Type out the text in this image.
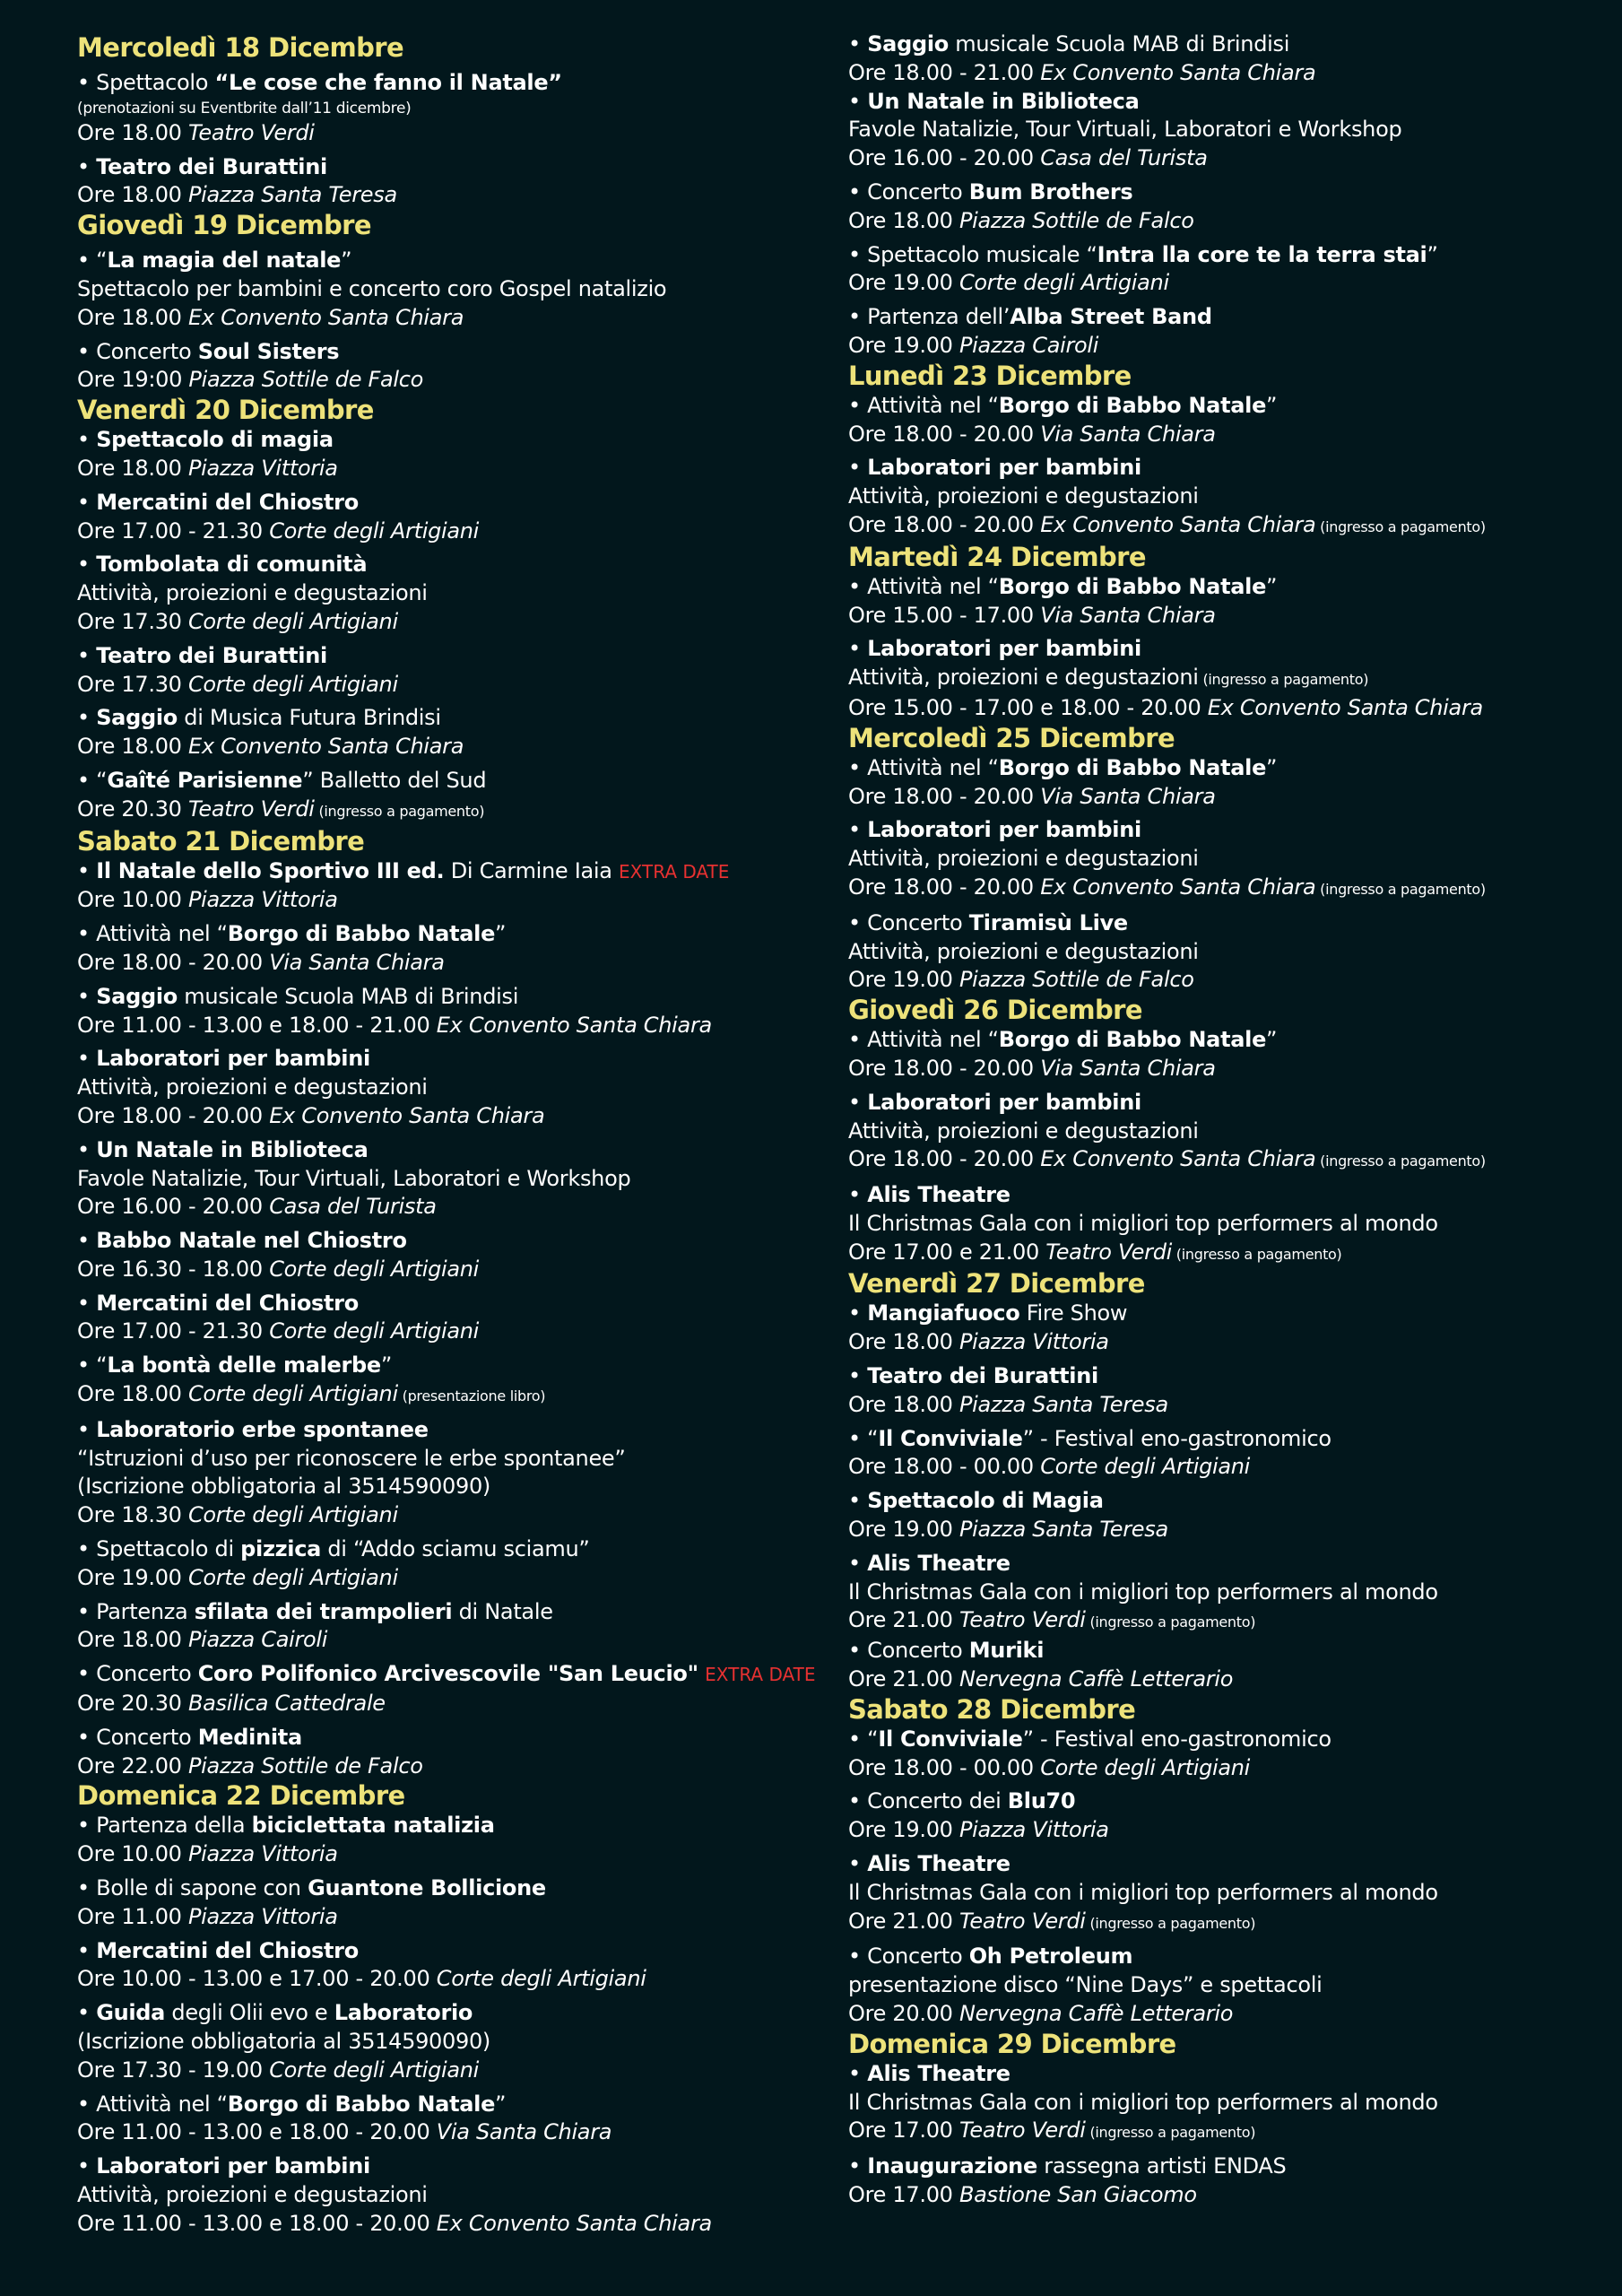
Mercoledì 18 Dicembre
• Spettacolo “Le cose che fanno il Natale”
(prenotazioni su Eventbrite dall’11 dicembre)
Ore 18.00 Teatro Verdi
• Teatro dei Burattini
Ore 18.00 Piazza Santa Teresa
Giovedì 19 Dicembre
• “La magia del natale”
Spettacolo per bambini e concerto coro Gospel natalizio
Ore 18.00 Ex Convento Santa Chiara
• Concerto Soul Sisters
Ore 19:00 Piazza Sottile de Falco
Venerdì 20 Dicembre
• Spettacolo di magia
Ore 18.00 Piazza Vittoria
• Mercatini del Chiostro
Ore 17.00 - 21.30 Corte degli Artigiani
• Tombolata di comunità
Attività, proiezioni e degustazioni
Ore 17.30 Corte degli Artigiani
• Teatro dei Burattini
Ore 17.30 Corte degli Artigiani
• Saggio di Musica Futura Brindisi
Ore 18.00 Ex Convento Santa Chiara
• “Gaîté Parisienne” Balletto del Sud
Ore 20.30 Teatro Verdi (ingresso a pagamento)
Sabato 21 Dicembre
• Il Natale dello Sportivo III ed. Di Carmine Iaia EXTRA DATE
Ore 10.00 Piazza Vittoria
• Attività nel “Borgo di Babbo Natale”
Ore 18.00 - 20.00 Via Santa Chiara
• Saggio musicale Scuola MAB di Brindisi
Ore 11.00 - 13.00 e 18.00 - 21.00 Ex Convento Santa Chiara
• Laboratori per bambini
Attività, proiezioni e degustazioni
Ore 18.00 - 20.00 Ex Convento Santa Chiara
• Un Natale in Biblioteca
Favole Natalizie, Tour Virtuali, Laboratori e Workshop
Ore 16.00 - 20.00 Casa del Turista
• Babbo Natale nel Chiostro
Ore 16.30 - 18.00 Corte degli Artigiani
• Mercatini del Chiostro
Ore 17.00 - 21.30 Corte degli Artigiani
• “La bontà delle malerbe”
Ore 18.00 Corte degli Artigiani (presentazione libro)
• Laboratorio erbe spontanee
“Istruzioni d’uso per riconoscere le erbe spontanee”
(Iscrizione obbligatoria al 3514590090)
Ore 18.30 Corte degli Artigiani
• Spettacolo di pizzica di “Addo sciamu sciamu”
Ore 19.00 Corte degli Artigiani
• Partenza sfilata dei trampolieri di Natale
Ore 18.00 Piazza Cairoli
• Concerto Coro Polifonico Arcivescovile "San Leucio" EXTRA DATE
Ore 20.30 Basilica Cattedrale
• Concerto Medinita
Ore 22.00 Piazza Sottile de Falco
Domenica 22 Dicembre
• Partenza della biciclettata natalizia
Ore 10.00 Piazza Vittoria
• Bolle di sapone con Guantone Bollicione
Ore 11.00 Piazza Vittoria
• Mercatini del Chiostro
Ore 10.00 - 13.00 e 17.00 - 20.00 Corte degli Artigiani
• Guida degli Olii evo e Laboratorio
(Iscrizione obbligatoria al 3514590090)
Ore 17.30 - 19.00 Corte degli Artigiani
• Attività nel “Borgo di Babbo Natale”
Ore 11.00 - 13.00 e 18.00 - 20.00 Via Santa Chiara
• Laboratori per bambini
Attività, proiezioni e degustazioni
Ore 11.00 - 13.00 e 18.00 - 20.00 Ex Convento Santa Chiara
• Saggio musicale Scuola MAB di Brindisi
Ore 18.00 - 21.00 Ex Convento Santa Chiara
• Un Natale in Biblioteca
Favole Natalizie, Tour Virtuali, Laboratori e Workshop
Ore 16.00 - 20.00 Casa del Turista
• Concerto Bum Brothers
Ore 18.00 Piazza Sottile de Falco
• Spettacolo musicale “Intra lla core te la terra stai”
Ore 19.00 Corte degli Artigiani
• Partenza dell’Alba Street Band
Ore 19.00 Piazza Cairoli
Lunedì 23 Dicembre
• Attività nel “Borgo di Babbo Natale”
Ore 18.00 - 20.00 Via Santa Chiara
• Laboratori per bambini
Attività, proiezioni e degustazioni
Ore 18.00 - 20.00 Ex Convento Santa Chiara (ingresso a pagamento)
Martedì 24 Dicembre
• Attività nel “Borgo di Babbo Natale”
Ore 15.00 - 17.00 Via Santa Chiara
• Laboratori per bambini
Attività, proiezioni e degustazioni (ingresso a pagamento)
Ore 15.00 - 17.00 e 18.00 - 20.00 Ex Convento Santa Chiara
Mercoledì 25 Dicembre
• Attività nel “Borgo di Babbo Natale”
Ore 18.00 - 20.00 Via Santa Chiara
• Laboratori per bambini
Attività, proiezioni e degustazioni
Ore 18.00 - 20.00 Ex Convento Santa Chiara (ingresso a pagamento)
• Concerto Tiramisù Live
Attività, proiezioni e degustazioni
Ore 19.00 Piazza Sottile de Falco
Giovedì 26 Dicembre
• Attività nel “Borgo di Babbo Natale”
Ore 18.00 - 20.00 Via Santa Chiara
• Laboratori per bambini
Attività, proiezioni e degustazioni
Ore 18.00 - 20.00 Ex Convento Santa Chiara (ingresso a pagamento)
• Alis Theatre
Il Christmas Gala con i migliori top performers al mondo
Ore 17.00 e 21.00 Teatro Verdi (ingresso a pagamento)
Venerdì 27 Dicembre
• Mangiafuoco Fire Show
Ore 18.00 Piazza Vittoria
• Teatro dei Burattini
Ore 18.00 Piazza Santa Teresa
• “Il Conviviale” - Festival eno-gastronomico
Ore 18.00 - 00.00 Corte degli Artigiani
• Spettacolo di Magia
Ore 19.00 Piazza Santa Teresa
• Alis Theatre
Il Christmas Gala con i migliori top performers al mondo
Ore 21.00 Teatro Verdi (ingresso a pagamento)
• Concerto Muriki
Ore 21.00 Nervegna Caffè Letterario
Sabato 28 Dicembre
• “Il Conviviale” - Festival eno-gastronomico
Ore 18.00 - 00.00 Corte degli Artigiani
• Concerto dei Blu70
Ore 19.00 Piazza Vittoria
• Alis Theatre
Il Christmas Gala con i migliori top performers al mondo
Ore 21.00 Teatro Verdi (ingresso a pagamento)
• Concerto Oh Petroleum
presentazione disco “Nine Days” e spettacoli
Ore 20.00 Nervegna Caffè Letterario
Domenica 29 Dicembre
• Alis Theatre
Il Christmas Gala con i migliori top performers al mondo
Ore 17.00 Teatro Verdi (ingresso a pagamento)
• Inaugurazione rassegna artisti ENDAS
Ore 17.00 Bastione San Giacomo
